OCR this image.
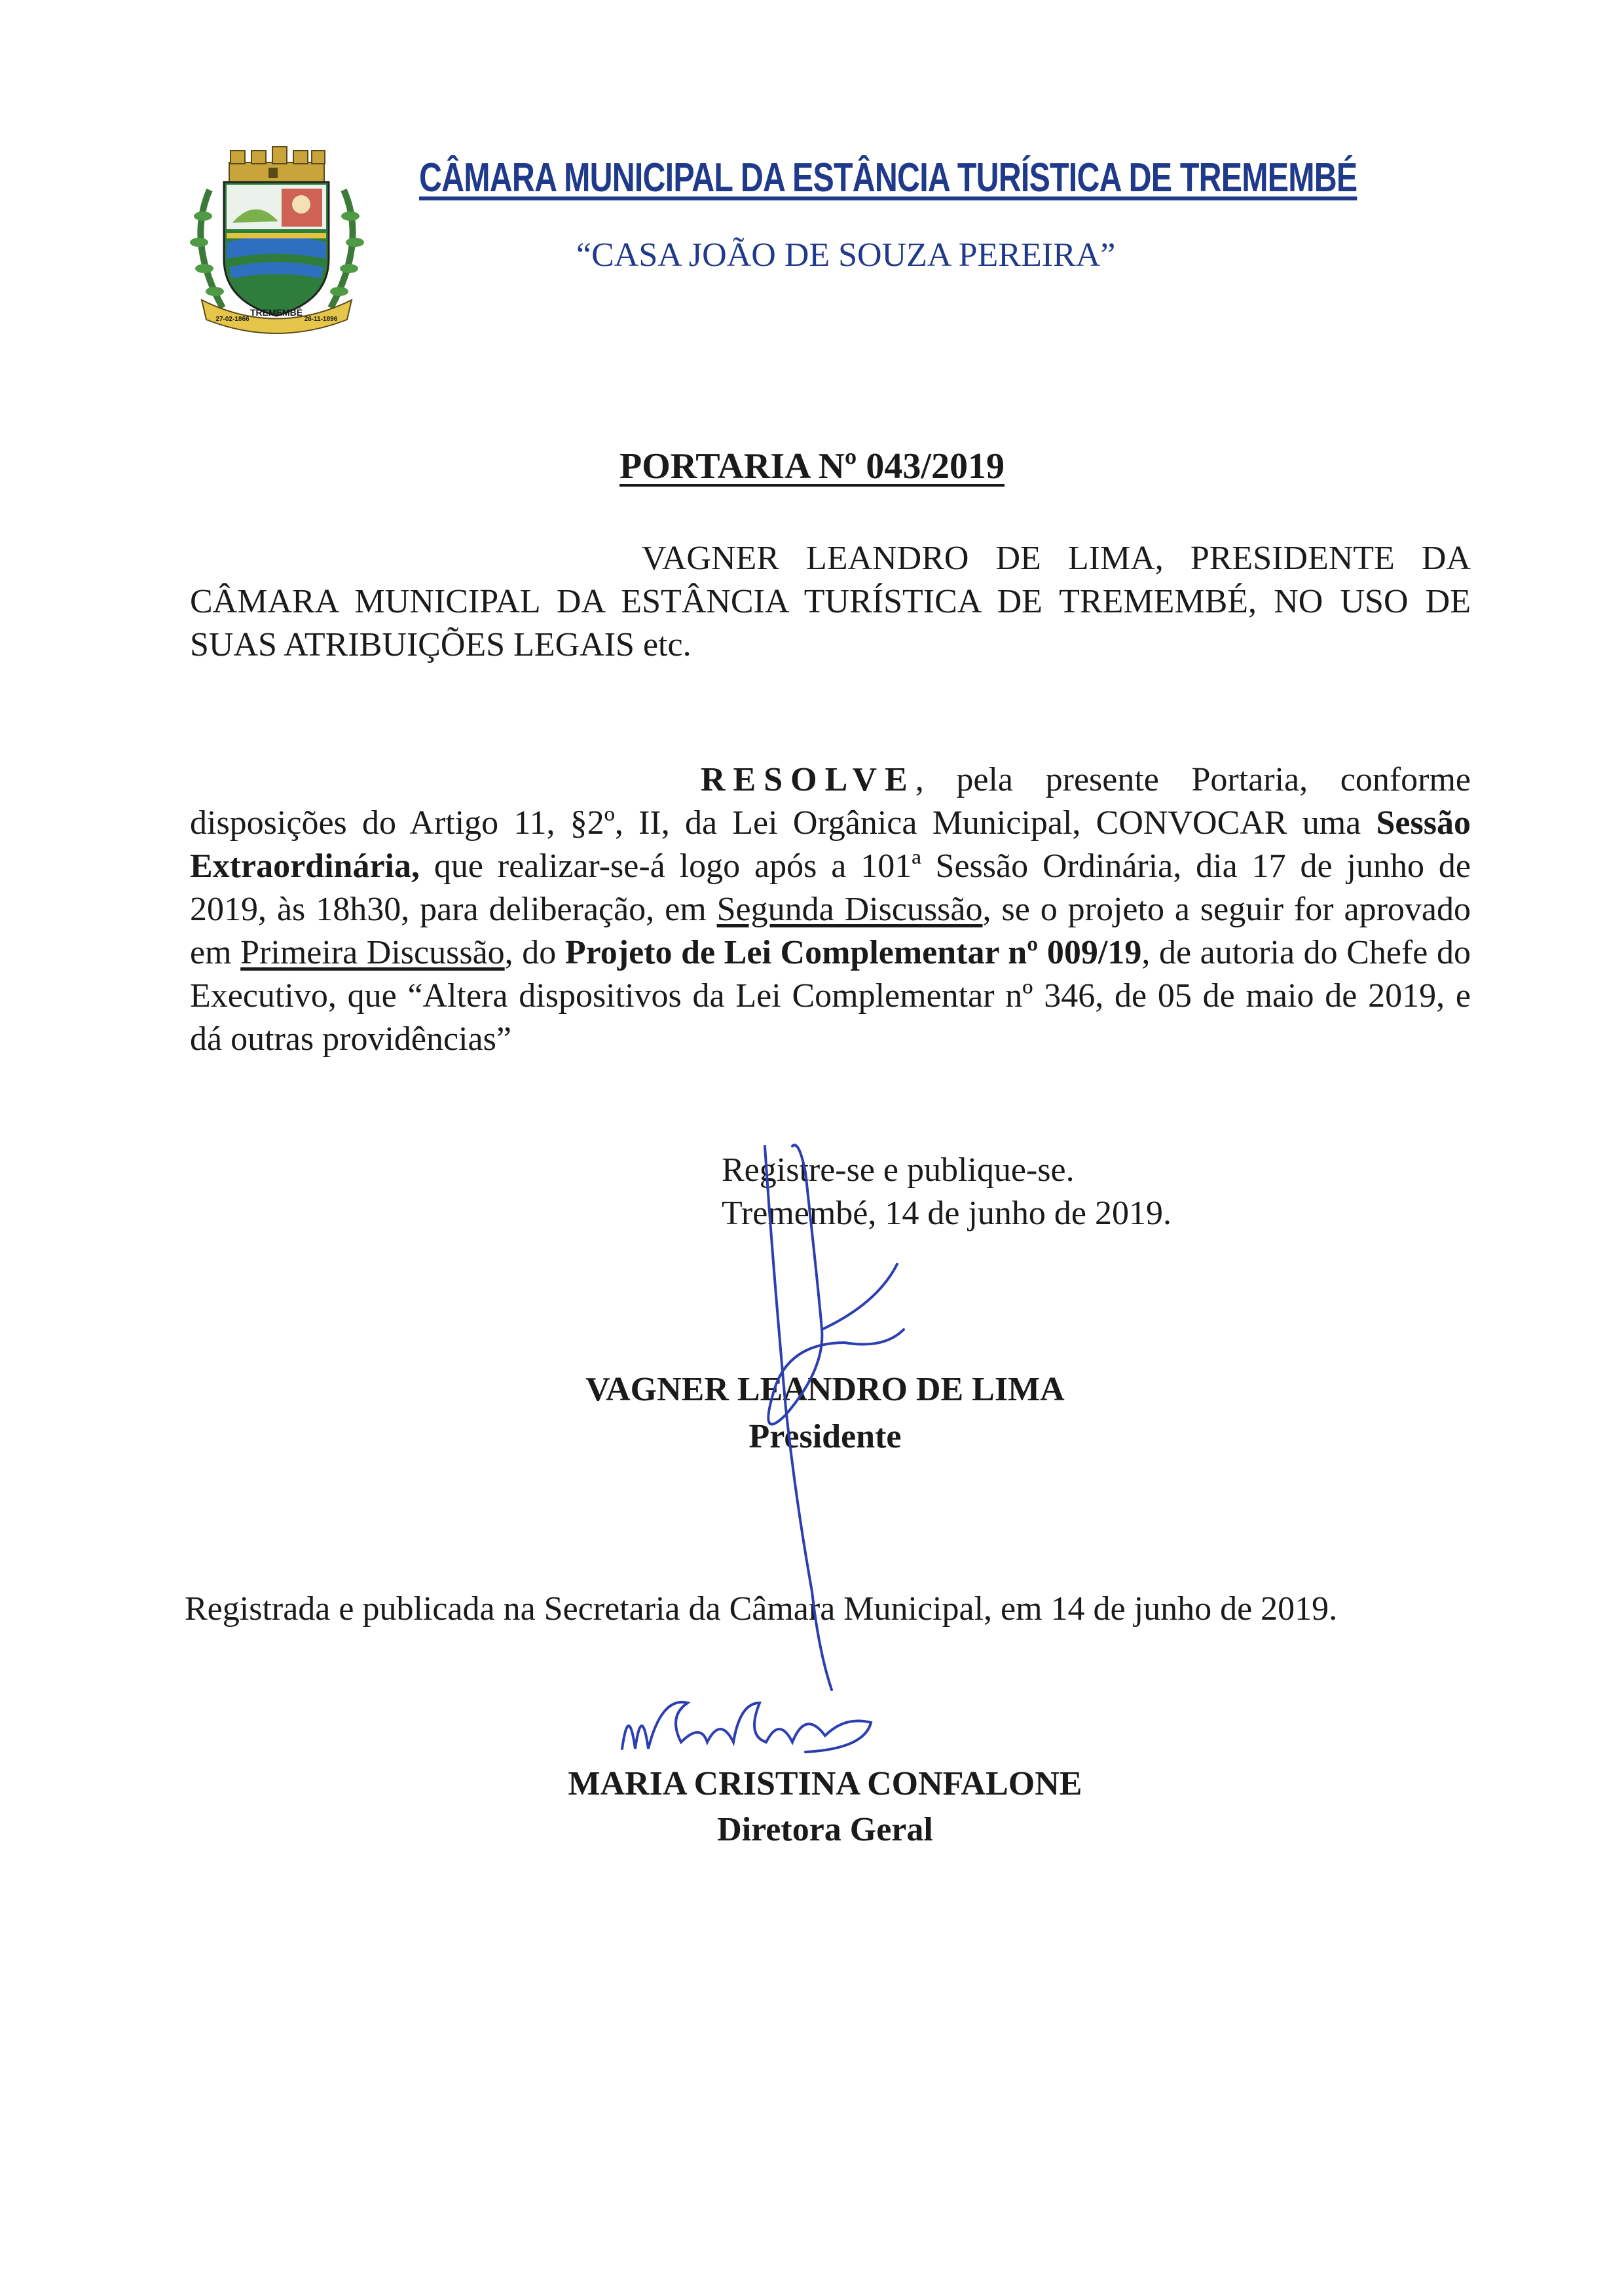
TREMEMBÉ
27-02-1866	26-11-1896
CÂMARA MUNICIPAL DA ESTÂNCIA TURÍSTICA DE TREMEMBÉ
“CASA JOÃO DE SOUZA PEREIRA”
PORTARIA Nº 043/2019
VAGNER LEANDRO DE LIMA, PRESIDENTE DA CÂMARA MUNICIPAL DA ESTÂNCIA TURÍSTICA DE TREMEMBÉ, NO USO DE SUAS ATRIBUIÇÕES LEGAIS etc.
RESOLVE, pela presente Portaria, conforme disposições do Artigo 11, §2º, II, da Lei Orgânica Municipal, CONVOCAR uma Sessão Extraordinária, que realizar-se-á logo após a 101ª Sessão Ordinária, dia 17 de junho de 2019, às 18h30, para deliberação, em Segunda Discussão, se o projeto a seguir for aprovado em Primeira Discussão, do Projeto de Lei Complementar nº 009/19, de autoria do Chefe do Executivo, que “Altera dispositivos da Lei Complementar nº 346, de 05 de maio de 2019, e dá outras providências”
Registre-se e publique-se.
Tremembé, 14 de junho de 2019.
VAGNER LEANDRO DE LIMA
Presidente
Registrada e publicada na Secretaria da Câmara Municipal, em 14 de junho de 2019.
MARIA CRISTINA CONFALONE
Diretora Geral
